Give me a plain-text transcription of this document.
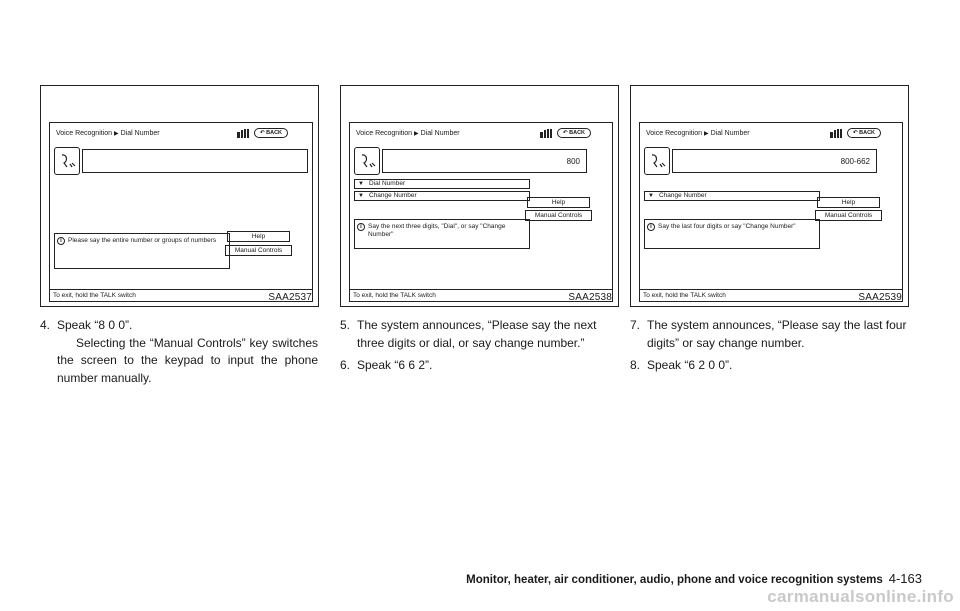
Voice Recognition ▶ Dial Number	↶ BACK
i Please say the entire number or groups of numbers
Help
Manual Controls
To exit, hold the TALK switch	SAA2537
Voice Recognition ▶ Dial Number	↶ BACK
800
▼ Dial Number
▼ Change Number
i Say the next three digits, "Dial", or say "Change Number"
Help
Manual Controls
To exit, hold the TALK switch	SAA2538
Voice Recognition ▶ Dial Number	↶ BACK
800-662
▼ Change Number
i Say the last four digits or say "Change Number"
Help
Manual Controls
To exit, hold the TALK switch	SAA2539
4. Speak “8 0 0”.
Selecting the “Manual Controls” key switches the screen to the keypad to input the phone number manually.
5. The system announces, “Please say the next three digits or dial, or say change number.”
6. Speak “6 6 2”.
7. The system announces, “Please say the last four digits” or say change number.
8. Speak “6 2 0 0”.
Monitor, heater, air conditioner, audio, phone and voice recognition systems 4-163
carmanualsonline.info
